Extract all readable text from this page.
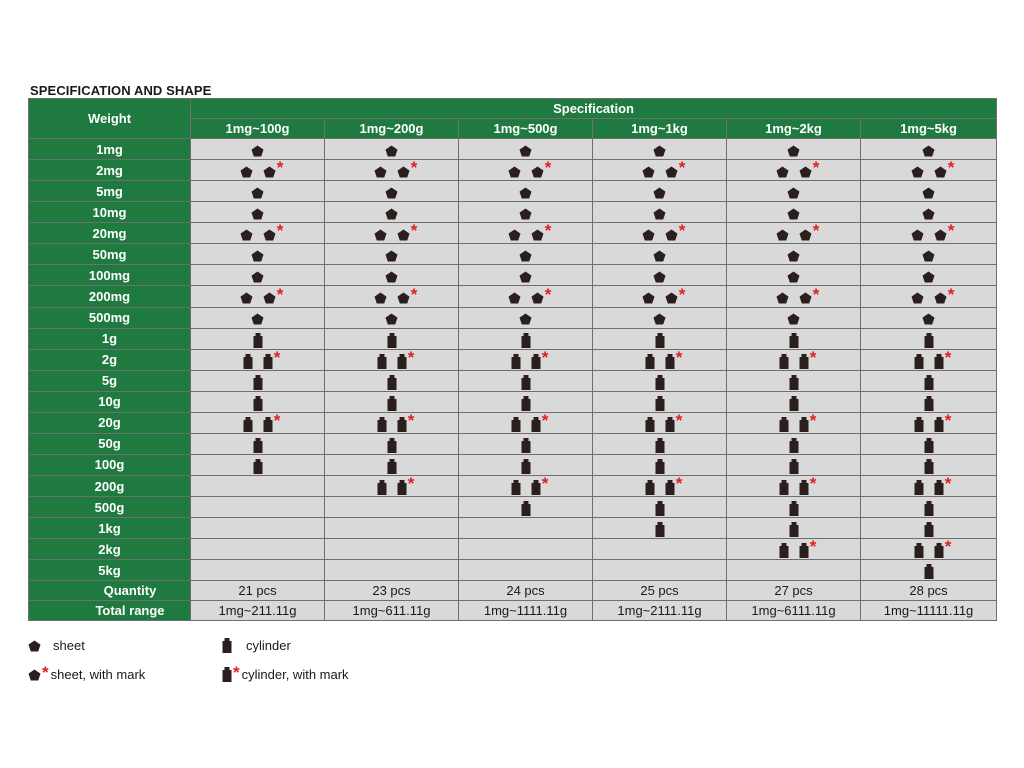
SPECIFICATION AND SHAPE
Weight	Specification					
	1mg~100g	1mg~200g	1mg~500g	1mg~1kg	1mg~2kg	1mg~5kg
1mg	

2mg	*	*	*	*	*	*

5mg	

10mg	

20mg	*	*	*	*	*	*

50mg	

100mg	

200mg	*	*	*	*	*	*

500mg	

1g	

2g	*	*	*	*	*	*

5g	

10g	

20g	*	*	*	*	*	*

50g	

100g	

200g		*	*	*	*	*

500g			

1kg				

2kg					*	*

5kg						

Quantity	21 pcs	23 pcs	24 pcs	25 pcs	27 pcs	28 pcs
Total range	1mg~211.11g	1mg~611.11g	1mg~1111.11g	1mg~2111.11g	1mg~6111.11g	1mg~11111.11g
sheet	cylinder
* sheet, with mark	* cylinder, with mark
